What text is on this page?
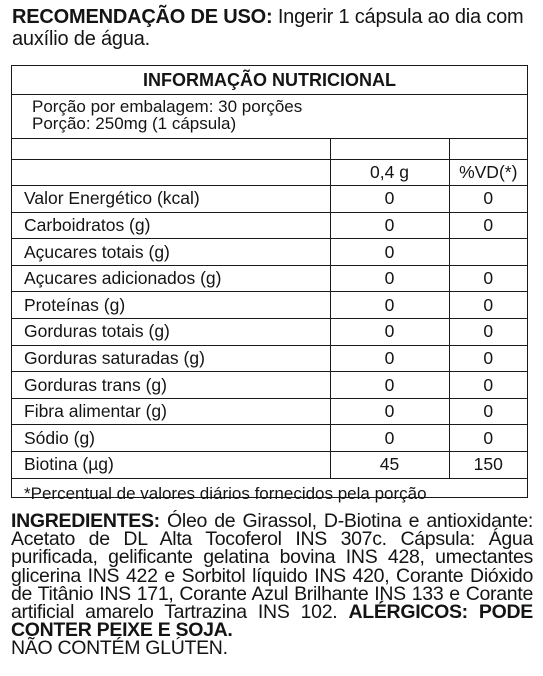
RECOMENDAÇÃO DE USO: Ingerir 1 cápsula ao dia com auxílio de água.
INFORMAÇÃO NUTRICIONAL
Porção por embalagem: 30 porções
Porção: 250mg (1 cápsula)

	0,4 g	%VD(*)
Valor Energético (kcal)	0	0
Carboidratos (g)	0	0
Açucares totais (g)	0	
Açucares adicionados (g)	0	0
Proteínas (g)	0	0
Gorduras totais (g)	0	0
Gorduras saturadas (g)	0	0
Gorduras trans (g)	0	0
Fibra alimentar (g)	0	0
Sódio (g)	0	0
Biotina (µg)	45	150
*Percentual de valores diários fornecidos pela porção
INGREDIENTES: Óleo de Girassol, D-Biotina e antioxidante: Acetato de DL Alta Tocoferol INS 307c. Cápsula: Água purificada, gelificante gelatina bovina INS 428, umectantes glicerina INS 422 e Sorbitol líquido INS 420, Corante Dióxido de Titânio INS 171, Corante Azul Brilhante INS 133 e Corante artificial amarelo Tartrazina INS 102. ALÉRGICOS: PODE CONTER PEIXE E SOJA.
NÃO CONTÉM GLÚTEN.
